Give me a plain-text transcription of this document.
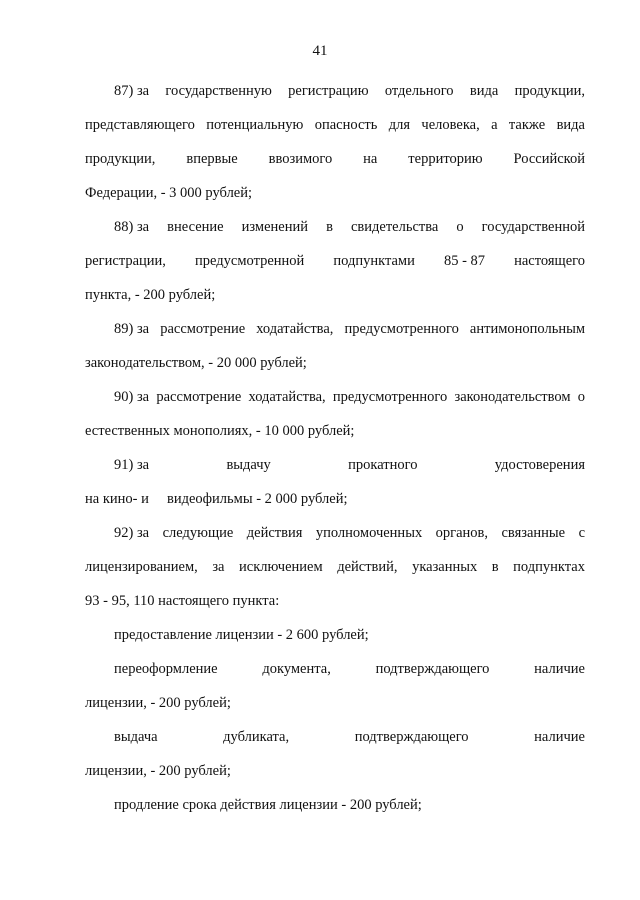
41
87) за государственную регистрацию отдельного вида продукции,
представляющего потенциальную опасность для человека, а также вида
продукции, впервые ввозимого на территорию Российской
Федерации, - 3 000 рублей;
88) за внесение изменений в свидетельства о государственной
регистрации, предусмотренной подпунктами 85 - 87 настоящего
пункта, - 200 рублей;
89) за рассмотрение ходатайства, предусмотренного антимонопольным
законодательством, - 20 000 рублей;
90) за рассмотрение ходатайства, предусмотренного законодательством о
естественных монополиях, - 10 000 рублей;
91) за	выдачу	прокатного	удостоверения
на кино- и     видеофильмы - 2 000 рублей;
92) за следующие действия уполномоченных органов, связанные с
лицензированием, за исключением действий, указанных в подпунктах
93 - 95, 110 настоящего пункта:
предоставление лицензии - 2 600 рублей;
переоформление	документа,	подтверждающего	наличие
лицензии, - 200 рублей;
выдача	дубликата,	подтверждающего	наличие
лицензии, - 200 рублей;
продление срока действия лицензии - 200 рублей;
